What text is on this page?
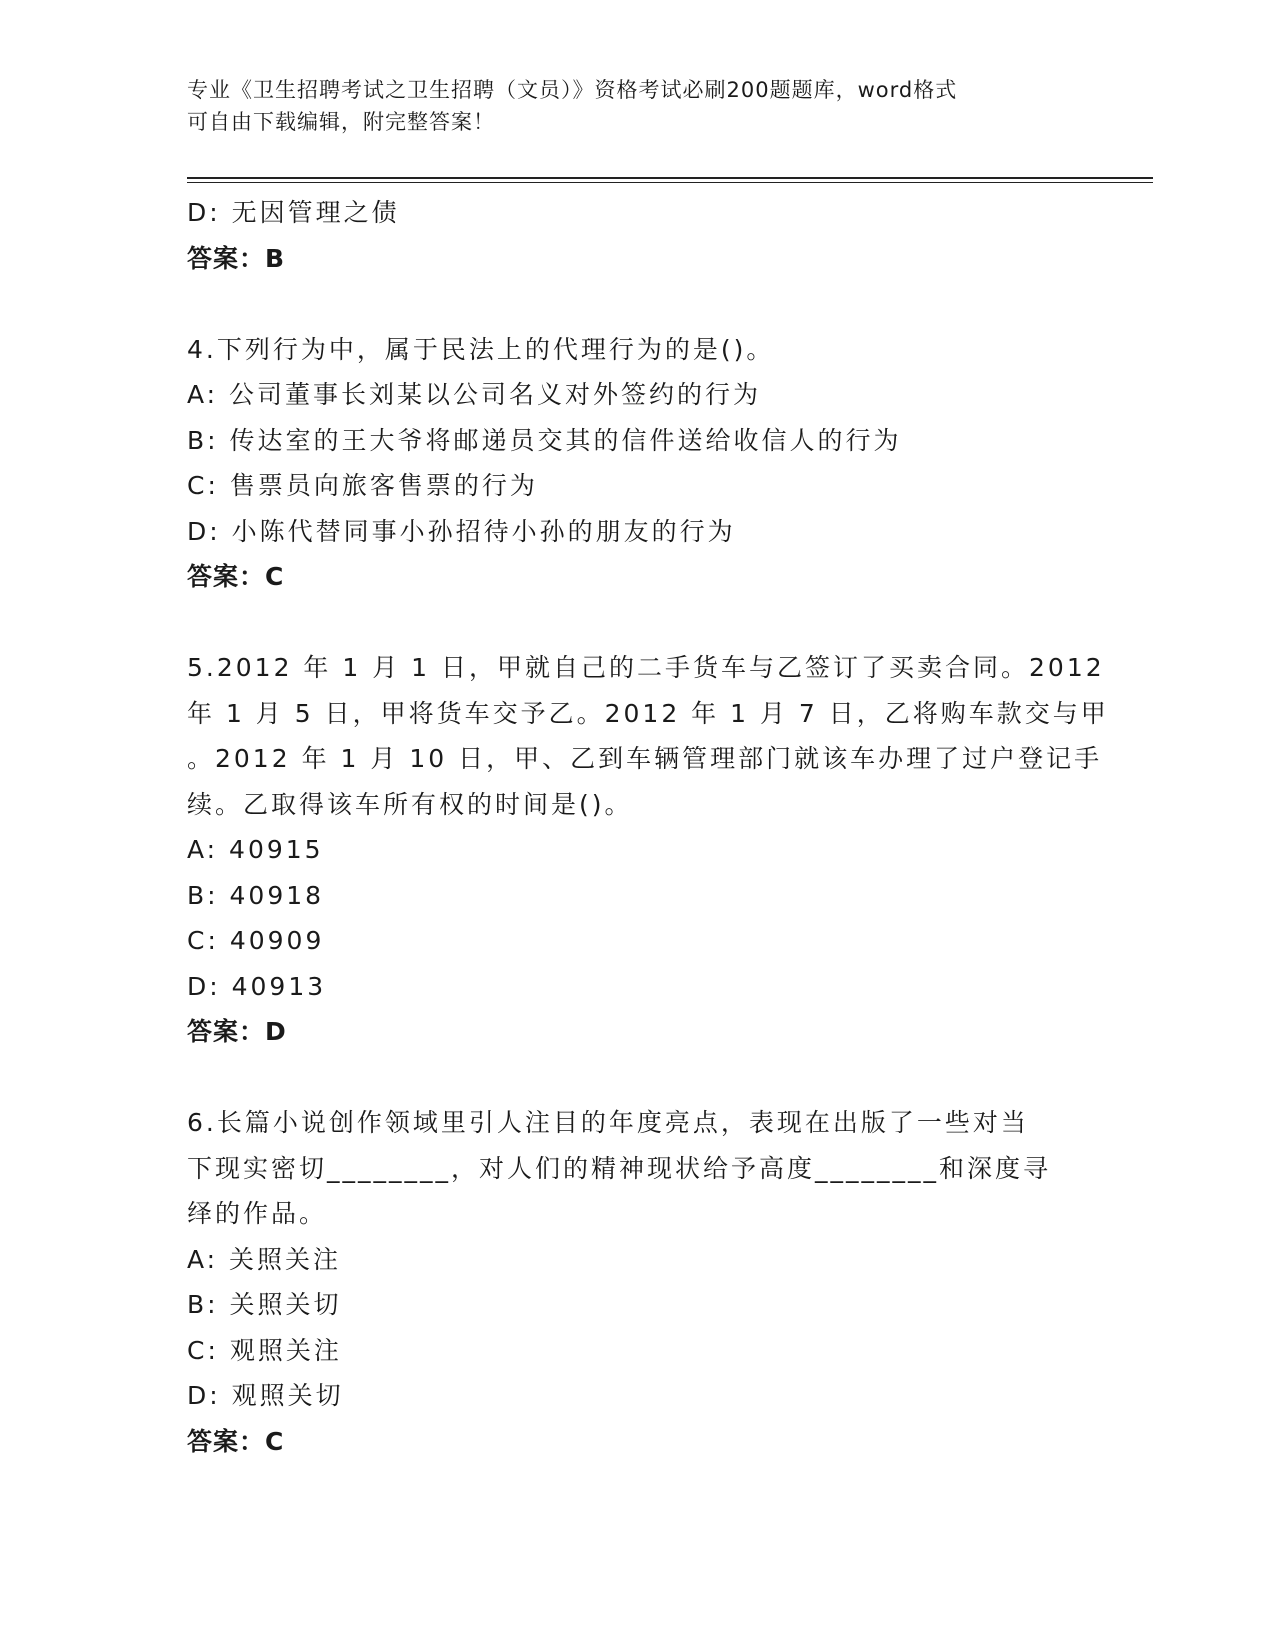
专业《卫生招聘考试之卫生招聘（文员）》资格考试必刷200题题库，word格式
可自由下载编辑，附完整答案！
D: 无因管理之债
答案：B
4.下列行为中，属于民法上的代理行为的是()。
A: 公司董事长刘某以公司名义对外签约的行为
B: 传达室的王大爷将邮递员交其的信件送给收信人的行为
C: 售票员向旅客售票的行为
D: 小陈代替同事小孙招待小孙的朋友的行为
答案：C
5.2012 年 1 月 1 日，甲就自己的二手货车与乙签订了买卖合同。2012
年 1 月 5 日，甲将货车交予乙。2012 年 1 月 7 日，乙将购车款交与甲
。2012 年 1 月 10 日，甲、乙到车辆管理部门就该车办理了过户登记手
续。乙取得该车所有权的时间是()。
A: 40915
B: 40918
C: 40909
D: 40913
答案：D
6.长篇小说创作领域里引人注目的年度亮点，表现在出版了一些对当
下现实密切________，对人们的精神现状给予高度________和深度寻
绎的作品。
A: 关照关注
B: 关照关切
C: 观照关注
D: 观照关切
答案：C
